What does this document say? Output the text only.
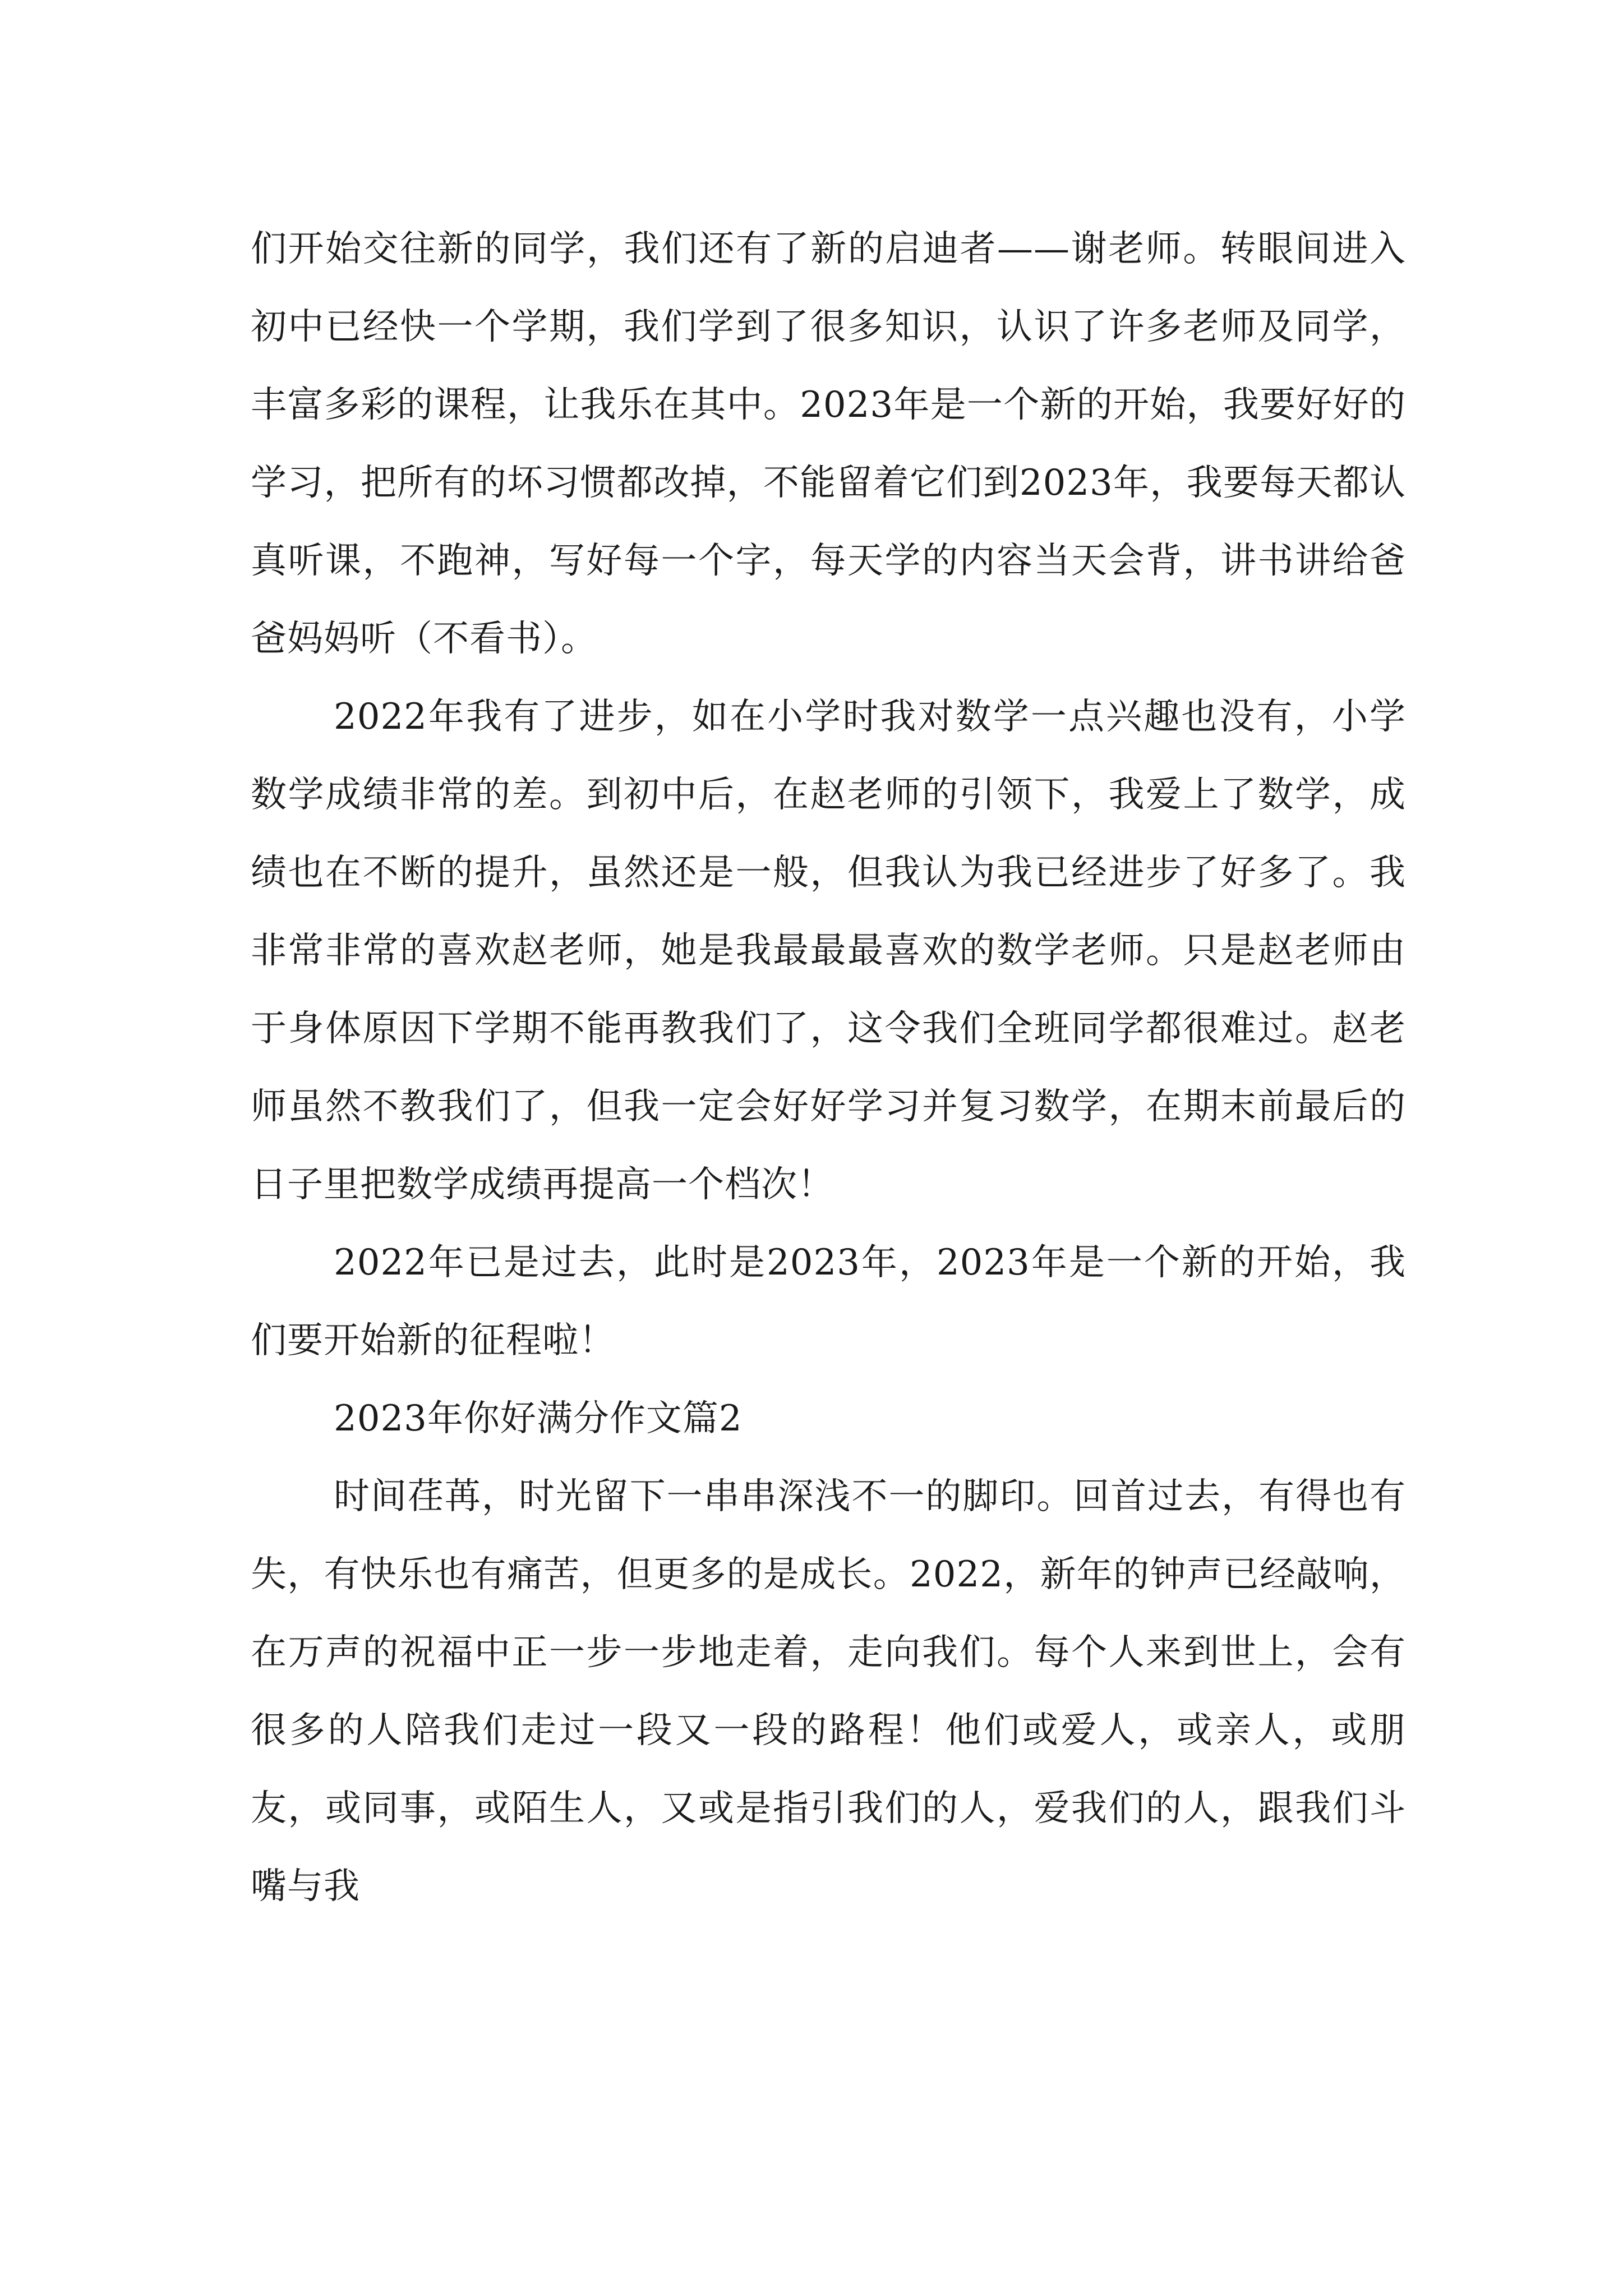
们开始交往新的同学，我们还有了新的启迪者——谢老师。转眼间进入初中已经快一个学期，我们学到了很多知识，认识了许多老师及同学，丰富多彩的课程，让我乐在其中。2023年是一个新的开始，我要好好的学习，把所有的坏习惯都改掉，不能留着它们到2023年，我要每天都认真听课，不跑神，写好每一个字，每天学的内容当天会背，讲书讲给爸爸妈妈听（不看书）。

2022年我有了进步，如在小学时我对数学一点兴趣也没有，小学数学成绩非常的差。到初中后，在赵老师的引领下，我爱上了数学，成绩也在不断的提升，虽然还是一般，但我认为我已经进步了好多了。我非常非常的喜欢赵老师，她是我最最最喜欢的数学老师。只是赵老师由于身体原因下学期不能再教我们了，这令我们全班同学都很难过。赵老师虽然不教我们了，但我一定会好好学习并复习数学，在期末前最后的日子里把数学成绩再提高一个档次！

2022年已是过去，此时是2023年，2023年是一个新的开始，我们要开始新的征程啦！

2023年你好满分作文篇2

时间荏苒，时光留下一串串深浅不一的脚印。回首过去，有得也有失，有快乐也有痛苦，但更多的是成长。2022，新年的钟声已经敲响，在万声的祝福中正一步一步地走着，走向我们。每个人来到世上，会有很多的人陪我们走过一段又一段的路程！他们或爱人，或亲人，或朋友，或同事，或陌生人，又或是指引我们的人，爱我们的人，跟我们斗嘴与我
